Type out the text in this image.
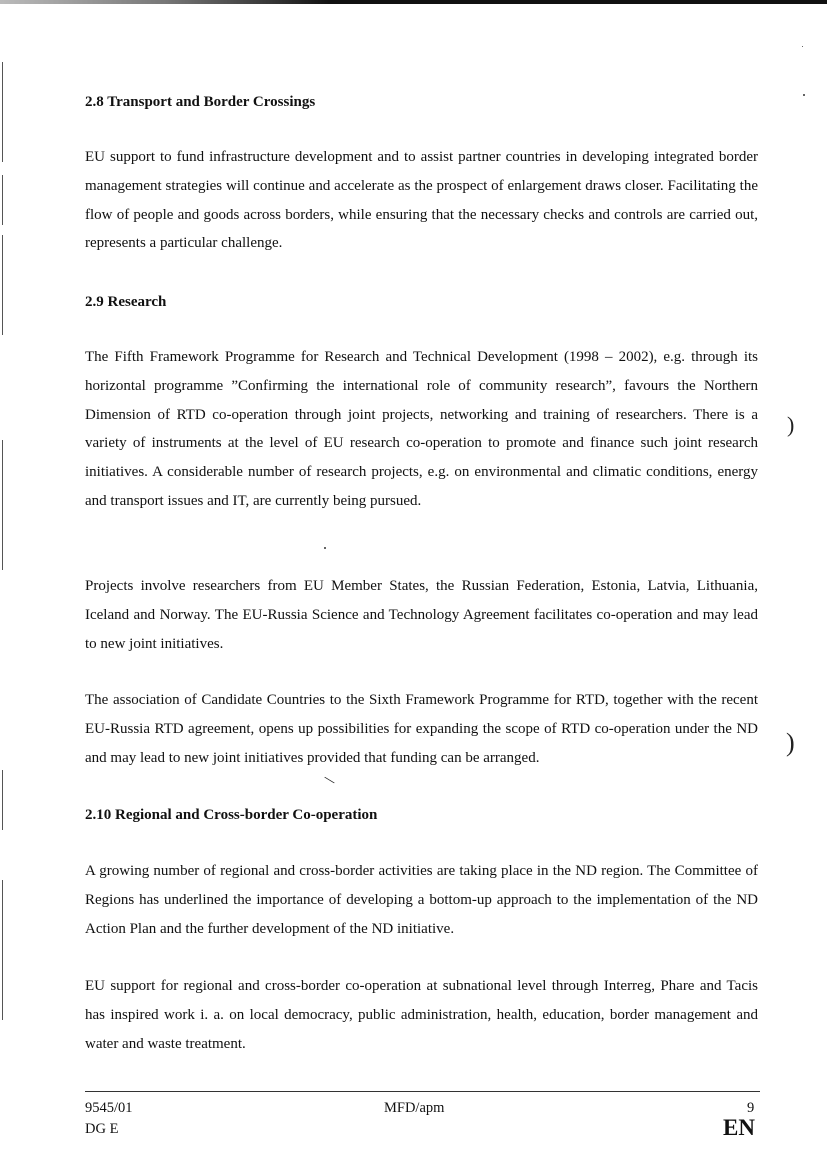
)
)
\
2.8 Transport and Border Crossings
EU support to fund infrastructure development and to assist partner countries in developing integrated border management strategies will continue and accelerate as the prospect of enlargement draws closer. Facilitating the flow of people and goods across borders, while ensuring that the necessary checks and controls are carried out, represents a particular challenge.
2.9 Research
The Fifth Framework Programme for Research and Technical Development (1998 – 2002), e.g. through its horizontal programme ”Confirming the international role of community research”, favours the Northern Dimension of RTD co-operation through joint projects, networking and training of researchers. There is a variety of instruments at the level of EU research co-operation to promote and finance such joint research initiatives. A considerable number of research projects, e.g. on environmental and climatic conditions, energy and transport issues and IT, are currently being pursued.
Projects involve researchers from EU Member States, the Russian Federation, Estonia, Latvia, Lithuania, Iceland and Norway. The EU-Russia Science and Technology Agreement facilitates co-operation and may lead to new joint initiatives.
The association of Candidate Countries to the Sixth Framework Programme for RTD, together with the recent EU-Russia RTD agreement, opens up possibilities for expanding the scope of RTD co-operation under the ND and may lead to new joint initiatives provided that funding can be arranged.
2.10 Regional and Cross-border Co-operation
A growing number of regional and cross-border activities are taking place in the ND region. The Committee of Regions has underlined the importance of developing a bottom-up approach to the implementation of the ND Action Plan and the further development of the ND initiative.
EU support for regional and cross-border co-operation at subnational level through Interreg, Phare and Tacis has inspired work i. a. on local democracy, public administration, health, education, border management and water and waste treatment.
9545/01
DG E
MFD/apm	9
EN
